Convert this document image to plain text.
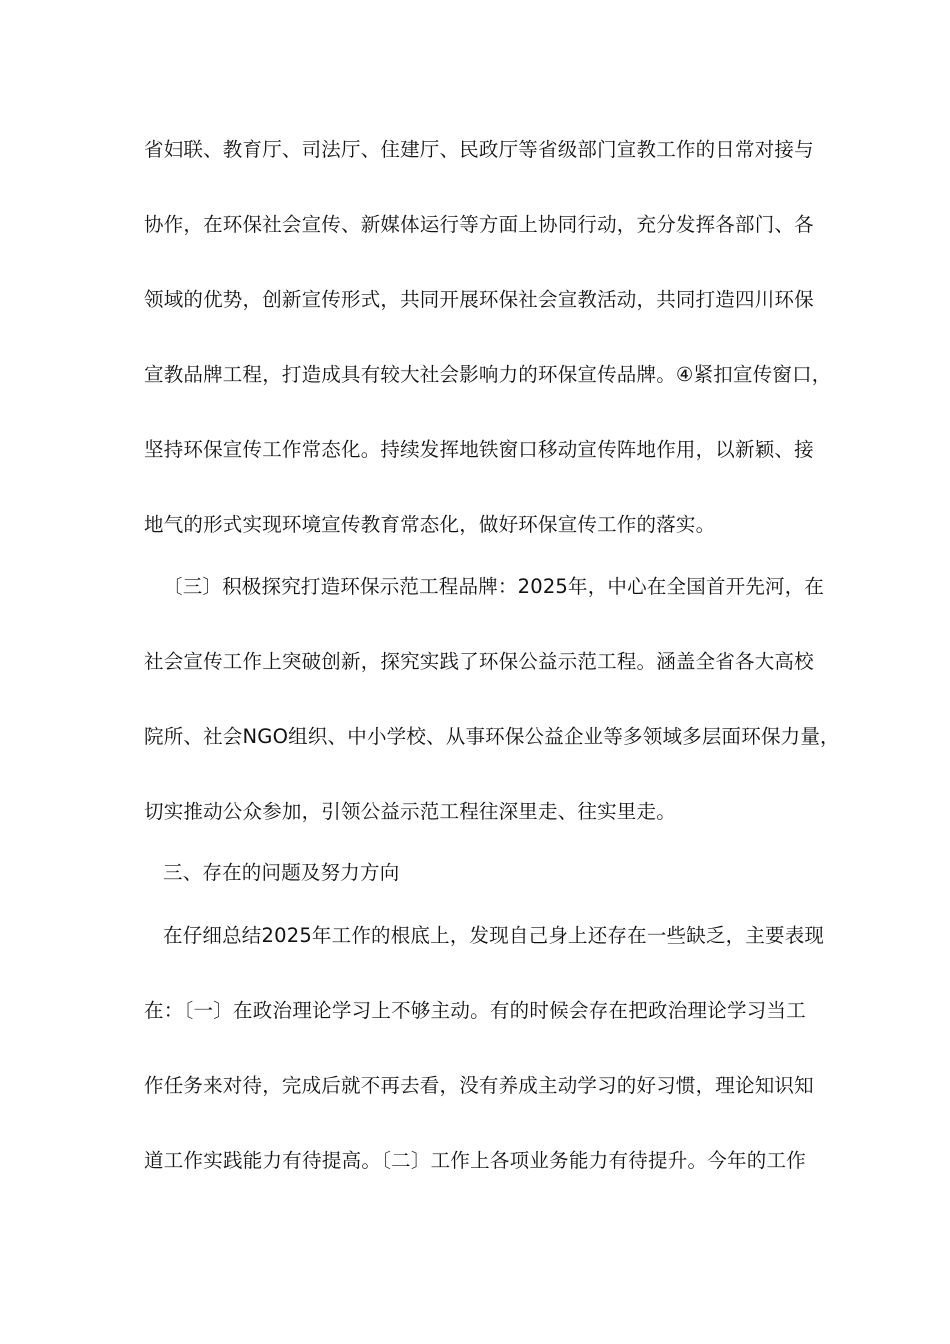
省妇联、教育厅、司法厅、住建厅、民政厅等省级部门宣教工作的日常对接与
协作，在环保社会宣传、新媒体运行等方面上协同行动，充分发挥各部门、各
领域的优势，创新宣传形式，共同开展环保社会宣教活动，共同打造四川环保
宣教品牌工程，打造成具有较大社会影响力的环保宣传品牌。④紧扣宣传窗口，
坚持环保宣传工作常态化。持续发挥地铁窗口移动宣传阵地作用，以新颖、接
地气的形式实现环境宣传教育常态化，做好环保宣传工作的落实。
〔三〕积极探究打造环保示范工程品牌：2025年，中心在全国首开先河，在
社会宣传工作上突破创新，探究实践了环保公益示范工程。涵盖全省各大高校
院所、社会NGO组织、中小学校、从事环保公益企业等多领域多层面环保力量，
切实推动公众参加，引领公益示范工程往深里走、往实里走。
三、存在的问题及努力方向
在仔细总结2025年工作的根底上，发现自己身上还存在一些缺乏，主要表现
在：〔一〕在政治理论学习上不够主动。有的时候会存在把政治理论学习当工
作任务来对待，完成后就不再去看，没有养成主动学习的好习惯，理论知识知
道工作实践能力有待提高。〔二〕工作上各项业务能力有待提升。今年的工作
